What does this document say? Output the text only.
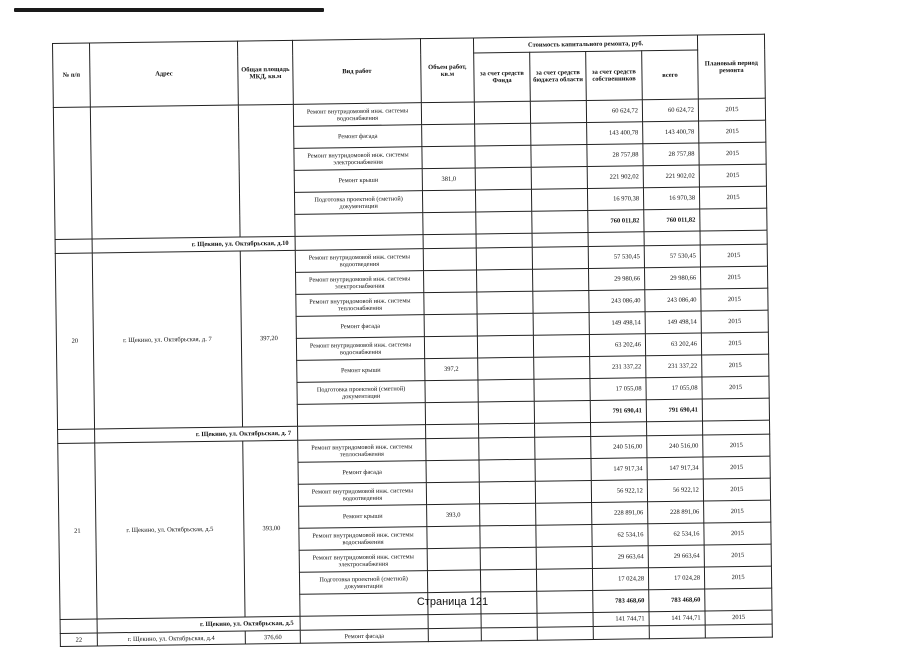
№ п/п	Адрес	Общая площадь МКД, кв.м	Вид работ	Объем работ, кв.м	Стоимость капитального ремонта, руб.				Плановый период ремонта
					за счет средств Фонда	за счет средств бюджета области	за счет средств собственников	всего	
			Ремонт внутридомовой инж. системы водоснабжения				60 624,72	60 624,72	2015
			Ремонт фасада				143 400,78	143 400,78	2015
			Ремонт внутридомовой инж. системы электроснабжения				28 757,88	28 757,88	2015
			Ремонт крыши	381,0			221 902,02	221 902,02	2015
			Подготовка проектной (сметной) документации				16 970,38	16 970,38	2015
							760 011,82	760 011,82	
	г. Щекино, ул. Октябрьская, д.10								
20	г. Щекино, ул. Октябрьская, д. 7	397,20	Ремонт внутридомовой инж. системы водоотведения				57 530,45	57 530,45	2015
			Ремонт внутридомовой инж. системы электроснабжения				29 980,66	29 980,66	2015
			Ремонт внутридомовой инж. системы теплоснабжения				243 086,40	243 086,40	2015
			Ремонт фасада				149 498,14	149 498,14	2015
			Ремонт внутридомовой инж. системы водоснабжения				63 202,46	63 202,46	2015
			Ремонт крыши	397,2			231 337,22	231 337,22	2015
			Подготовка проектной (сметной) документации				17 055,08	17 055,08	2015
							791 690,41	791 690,41	
	г. Щекино, ул. Октябрьская, д. 7								
21	г. Щекино, ул. Октябрьская, д.5	393,00	Ремонт внутридомовой инж. системы теплоснабжения				240 516,00	240 516,00	2015
			Ремонт фасада				147 917,34	147 917,34	2015
			Ремонт внутридомовой инж. системы водоотведения				56 922,12	56 922,12	2015
			Ремонт крыши	393,0			228 891,06	228 891,06	2015
			Ремонт внутридомовой инж. системы водоснабжения				62 534,16	62 534,16	2015
			Ремонт внутридомовой инж. системы электроснабжения				29 663,64	29 663,64	2015
			Подготовка проектной (сметной) документации				17 024,28	17 024,28	2015
							783 468,60	783 468,60	
	г. Щекино, ул. Октябрьская, д.5						141 744,71	141 744,71	2015
22	г. Щекино, ул. Октябрьская, д.4	376,60	Ремонт фасада						
Страница 121
